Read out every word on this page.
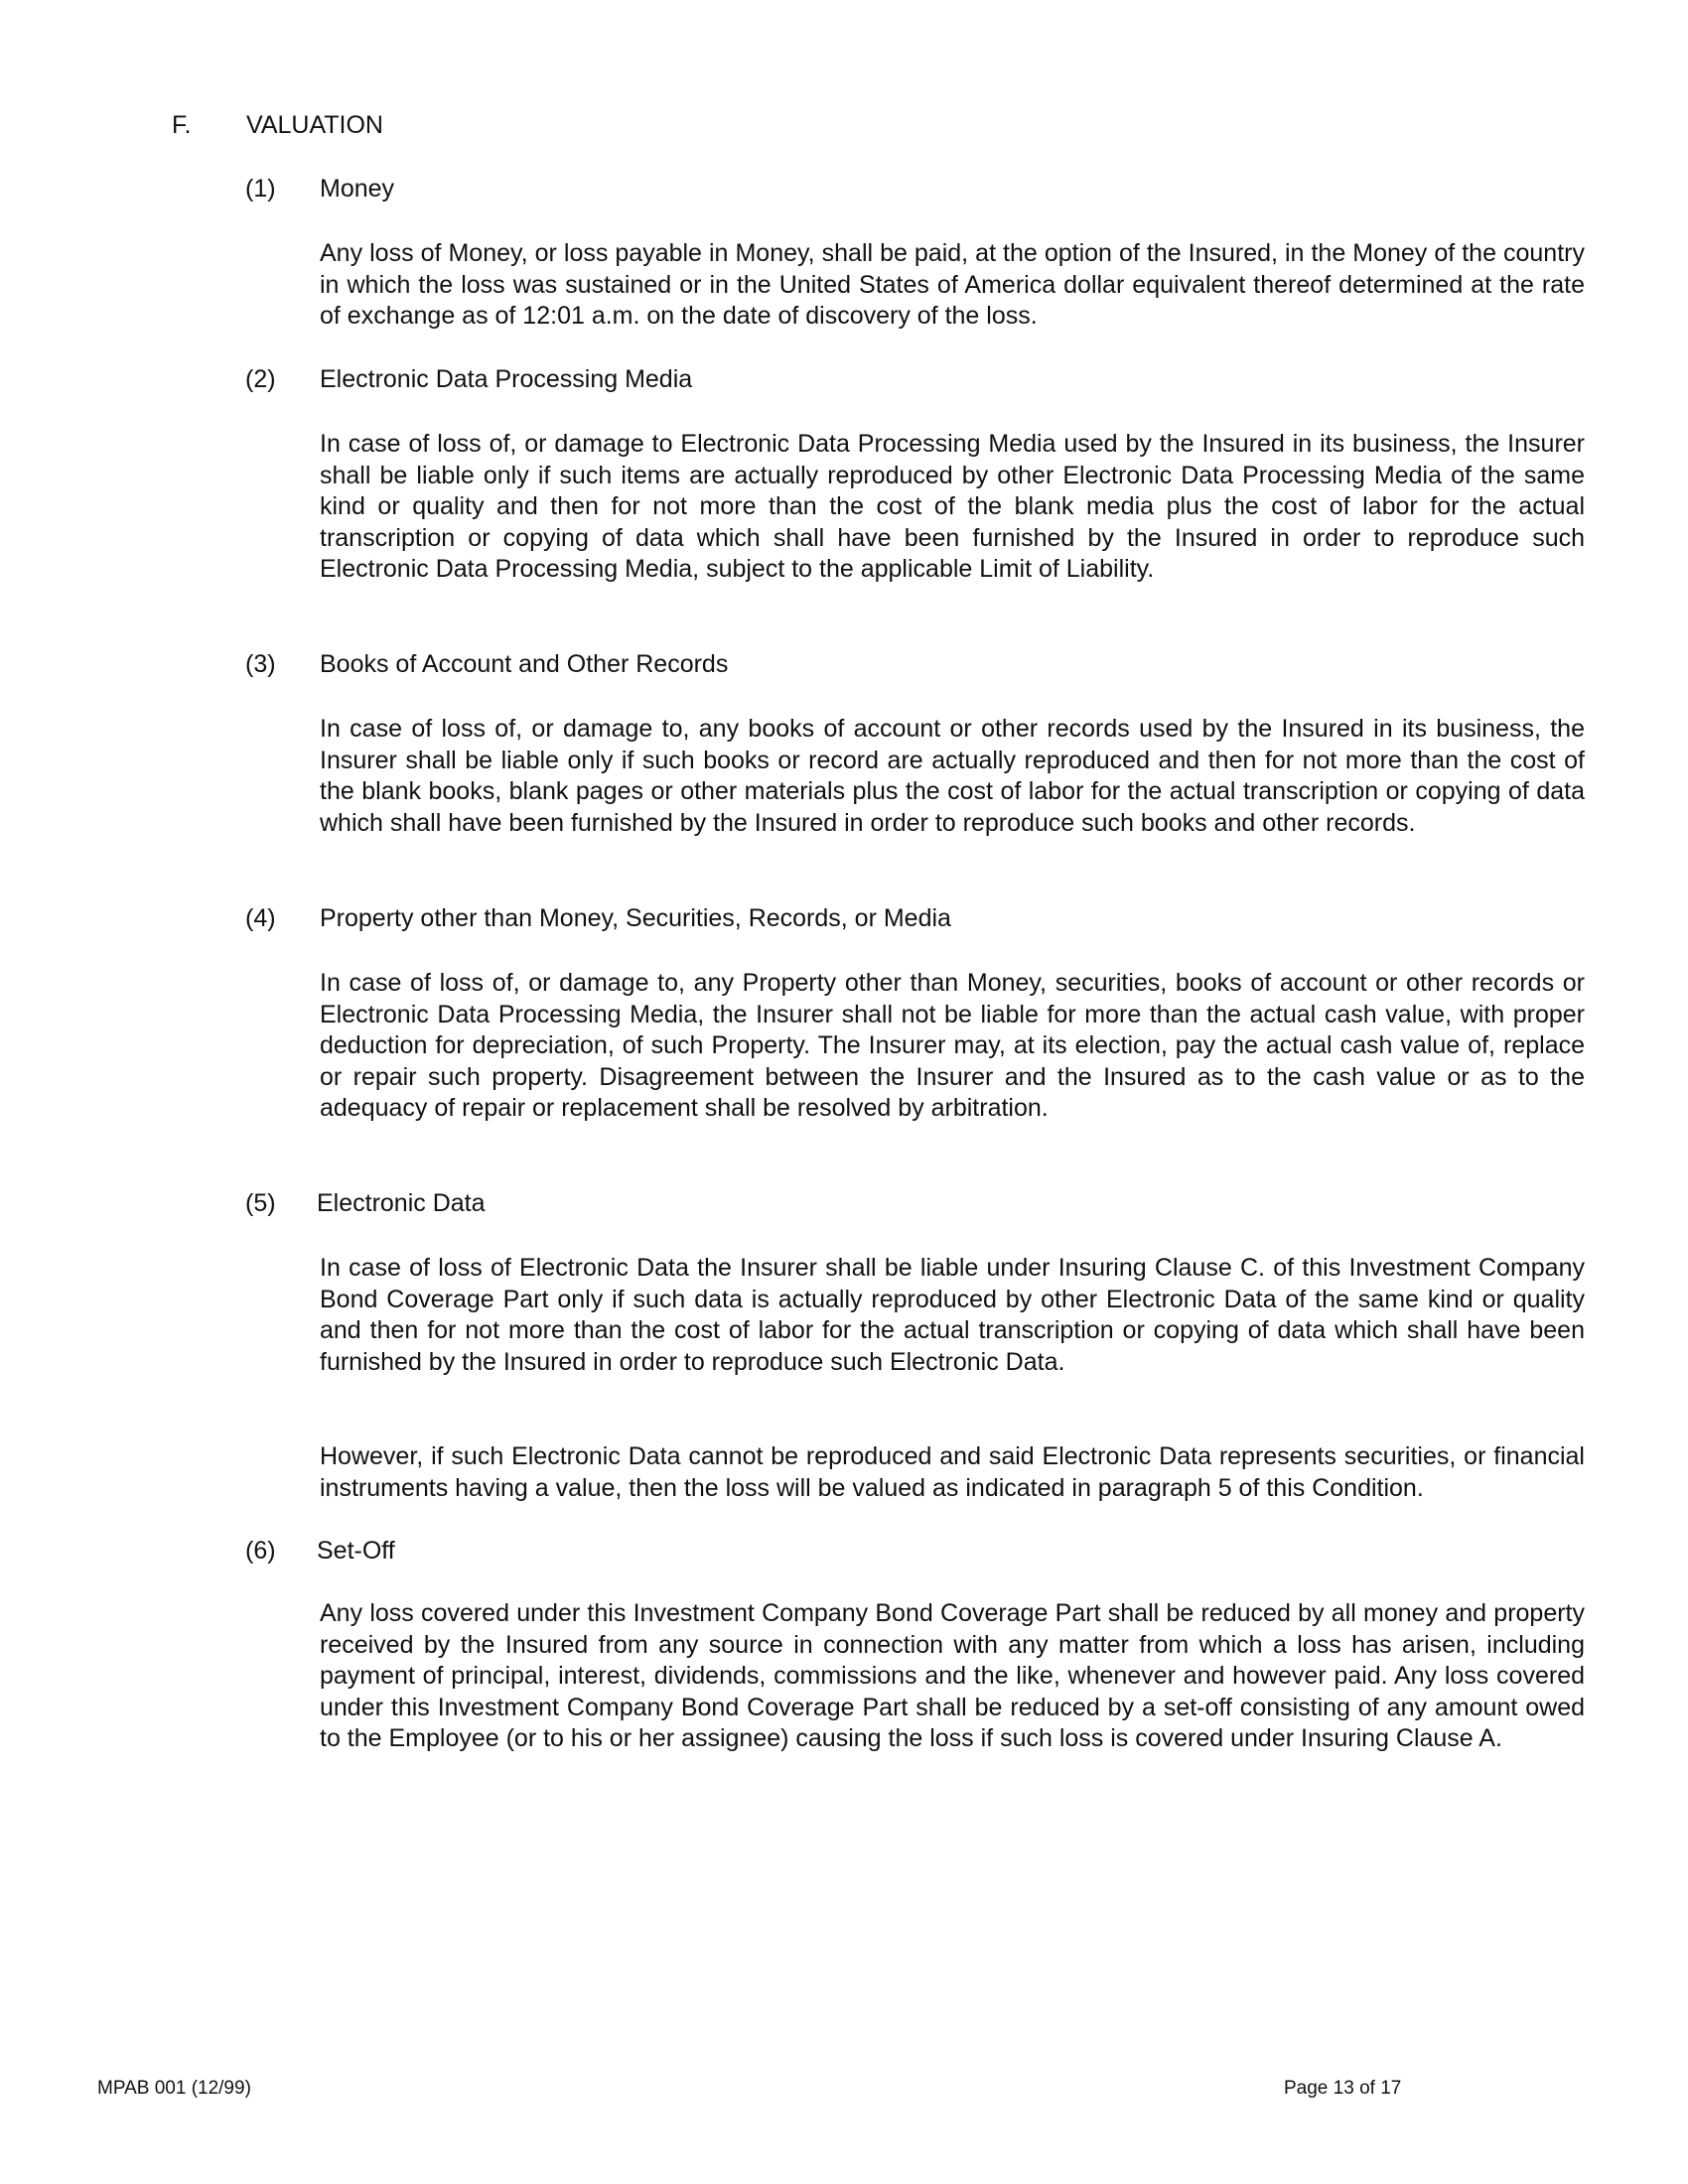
F. VALUATION
(1) Money

Any loss of Money, or loss payable in Money, shall be paid, at the option of the Insured, in the Money of the country in which the loss was sustained or in the United States of America dollar equivalent thereof determined at the rate of exchange as of 12:01 a.m. on the date of discovery of the loss.

(2) Electronic Data Processing Media

In case of loss of, or damage to Electronic Data Processing Media used by the Insured in its business, the Insurer shall be liable only if such items are actually reproduced by other Electronic Data Processing Media of the same kind or quality and then for not more than the cost of the blank media plus the cost of labor for the actual transcription or copying of data which shall have been furnished by the Insured in order to reproduce such Electronic Data Processing Media, subject to the applicable Limit of Liability.

(3) Books of Account and Other Records

In case of loss of, or damage to, any books of account or other records used by the Insured in its business, the Insurer shall be liable only if such books or record are actually reproduced and then for not more than the cost of the blank books, blank pages or other materials plus the cost of labor for the actual transcription or copying of data which shall have been furnished by the Insured in order to reproduce such books and other records.

(4) Property other than Money, Securities, Records, or Media

In case of loss of, or damage to, any Property other than Money, securities, books of account or other records or Electronic Data Processing Media, the Insurer shall not be liable for more than the actual cash value, with proper deduction for depreciation, of such Property. The Insurer may, at its election, pay the actual cash value of, replace or repair such property. Disagreement between the Insurer and the Insured as to the cash value or as to the adequacy of repair or replacement shall be resolved by arbitration.

(5) Electronic Data

In case of loss of Electronic Data the Insurer shall be liable under Insuring Clause C. of this Investment Company Bond Coverage Part only if such data is actually reproduced by other Electronic Data of the same kind or quality and then for not more than the cost of labor for the actual transcription or copying of data which shall have been furnished by the Insured in order to reproduce such Electronic Data.

However, if such Electronic Data cannot be reproduced and said Electronic Data represents securities, or financial instruments having a value, then the loss will be valued as indicated in paragraph 5 of this Condition.

(6) Set-Off

Any loss covered under this Investment Company Bond Coverage Part shall be reduced by all money and property received by the Insured from any source in connection with any matter from which a loss has arisen, including payment of principal, interest, dividends, commissions and the like, whenever and however paid. Any loss covered under this Investment Company Bond Coverage Part shall be reduced by a set-off consisting of any amount owed to the Employee (or to his or her assignee) causing the loss if such loss is covered under Insuring Clause A.

MPAB 001 (12/99)	Page 13 of 17
